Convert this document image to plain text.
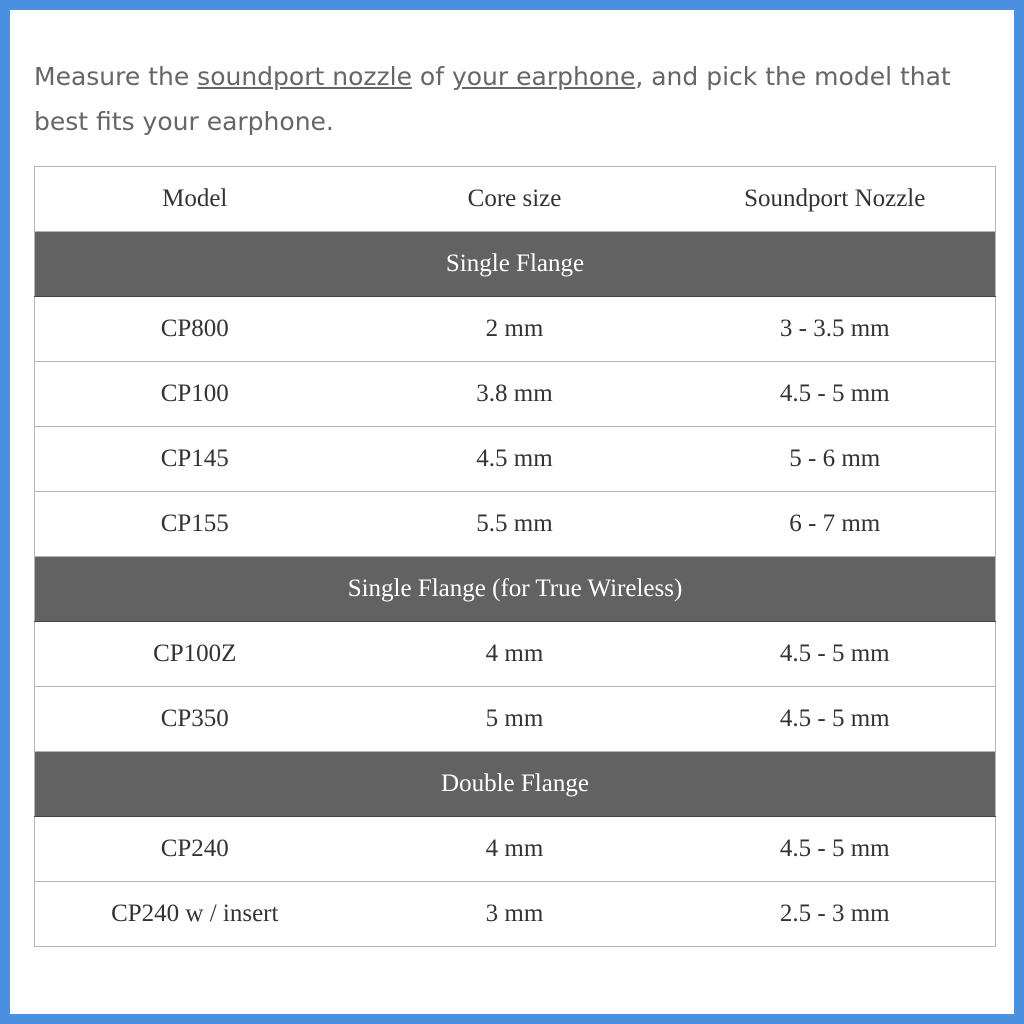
Measure the soundport nozzle of your earphone, and pick the model that best fits your earphone.

Model	Core size	Soundport Nozzle
Single Flange		
CP800	2 mm	3 - 3.5 mm
CP100	3.8 mm	4.5 - 5 mm
CP145	4.5 mm	5 - 6 mm
CP155	5.5 mm	6 - 7 mm
Single Flange (for True Wireless)		
CP100Z	4 mm	4.5 - 5 mm
CP350	5 mm	4.5 - 5 mm
Double Flange		
CP240	4 mm	4.5 - 5 mm
CP240 w / insert	3 mm	2.5 - 3 mm
